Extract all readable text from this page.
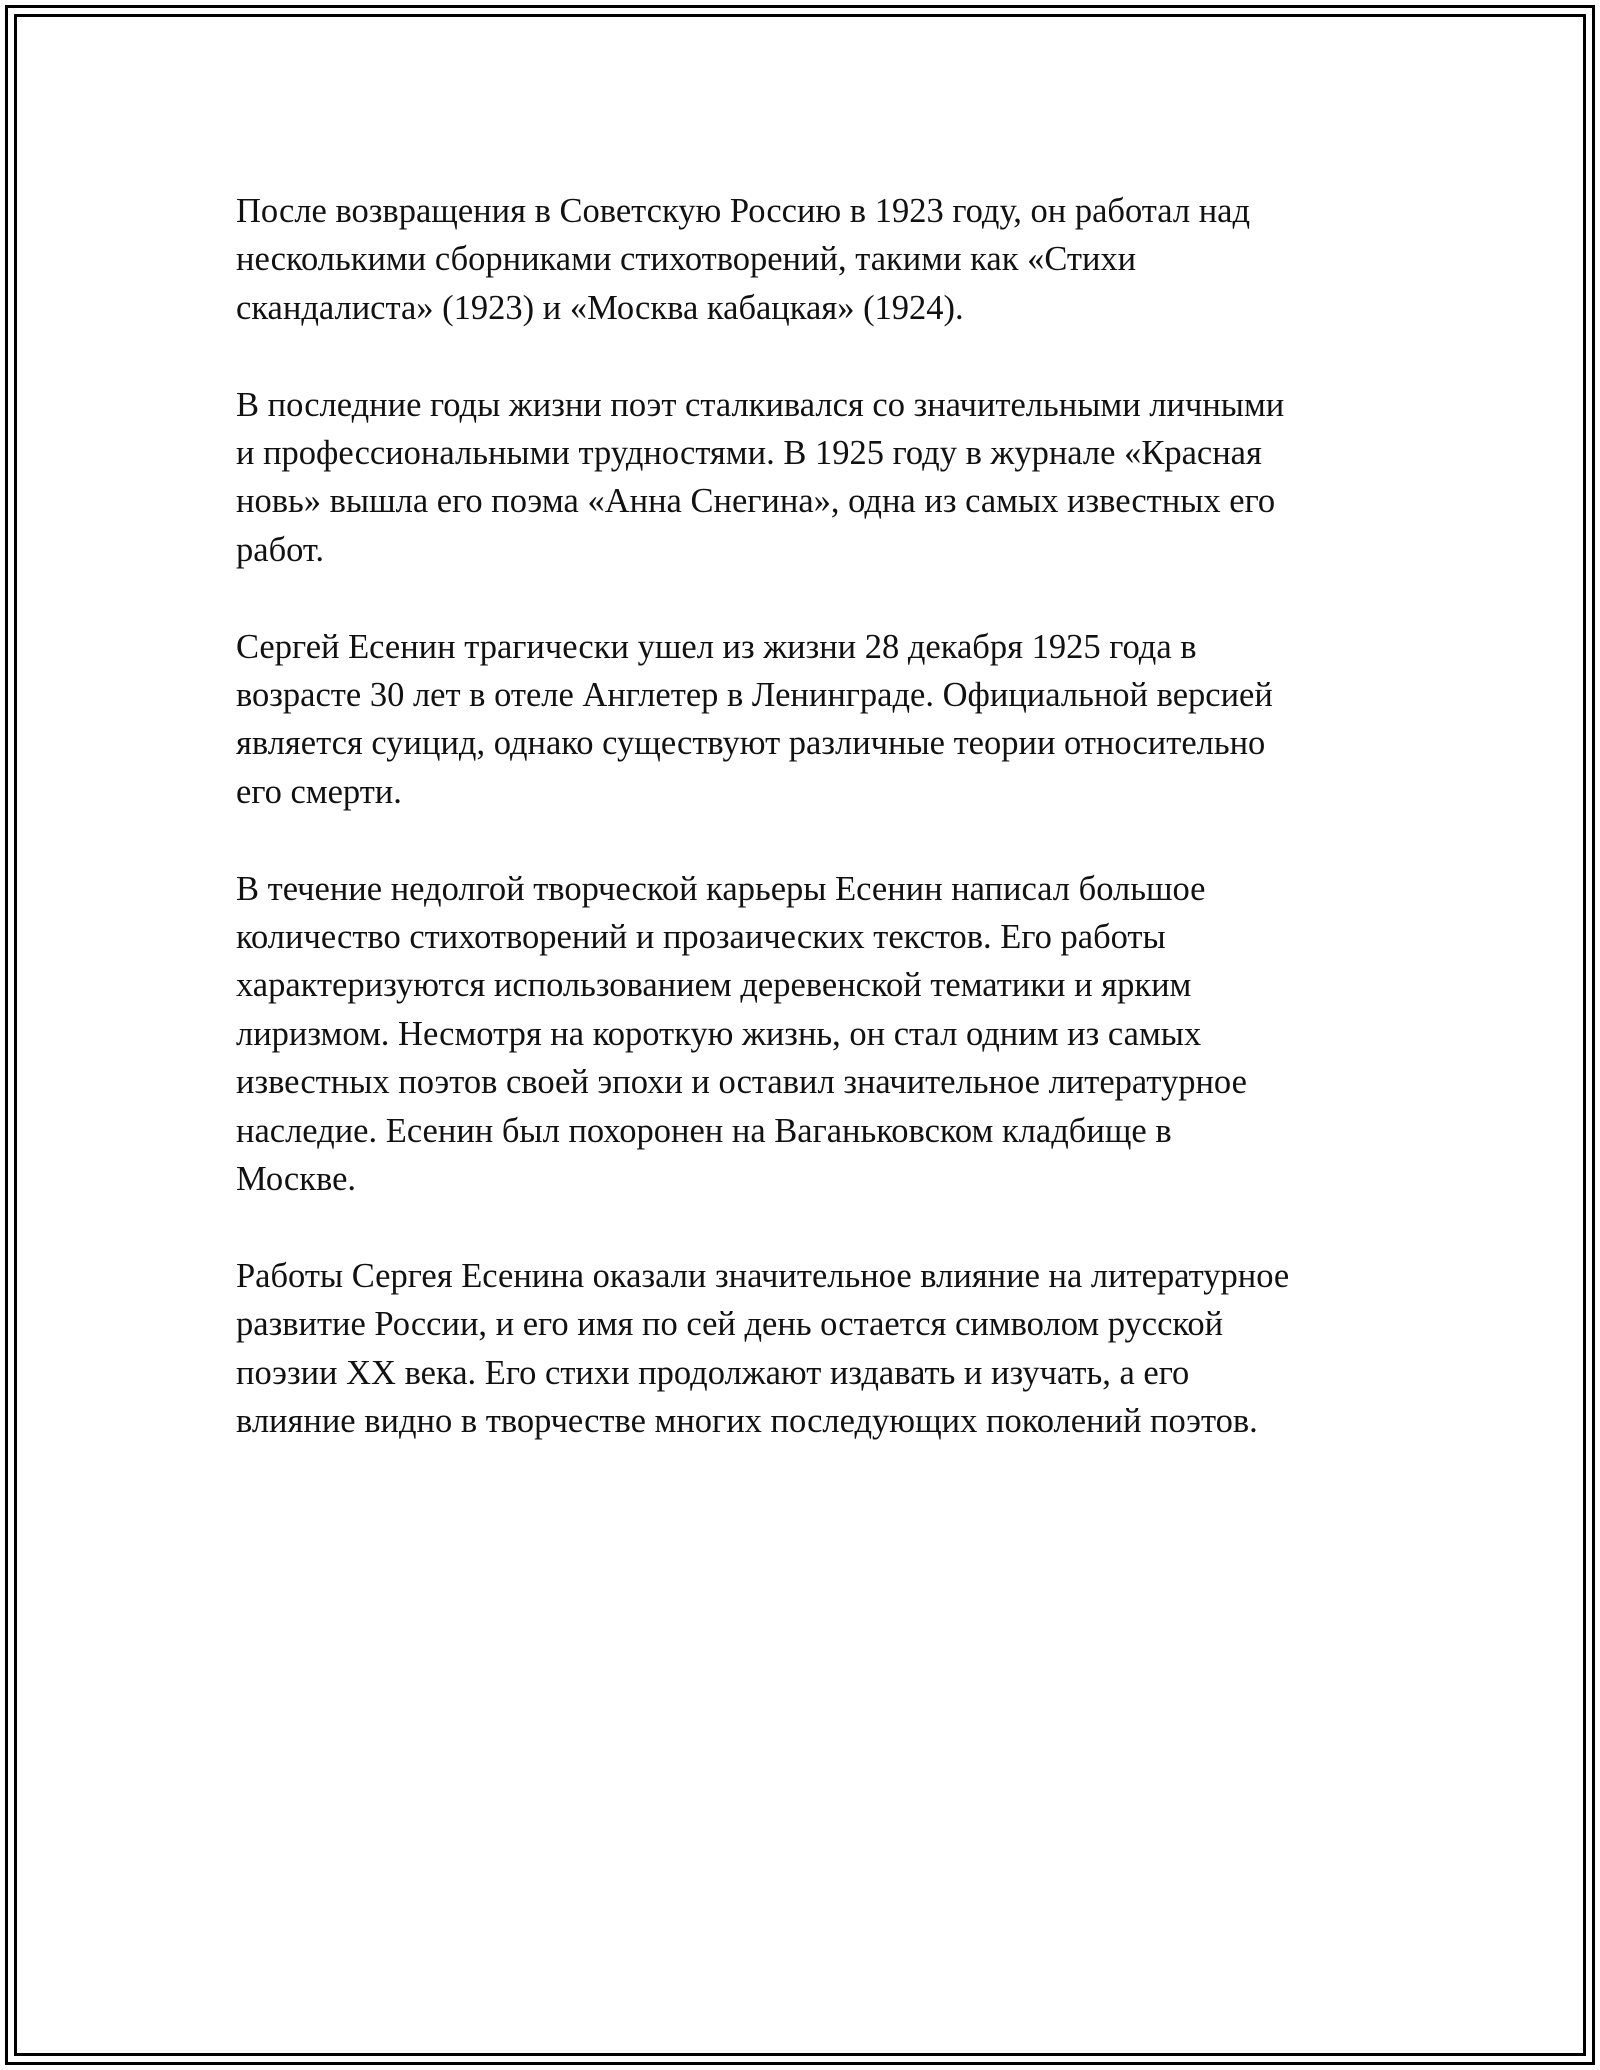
После возвращения в Советскую Россию в 1923 году, он работал над
несколькими сборниками стихотворений, такими как «Стихи
скандалиста» (1923) и «Москва кабацкая» (1924).

В последние годы жизни поэт сталкивался со значительными личными
и профессиональными трудностями. В 1925 году в журнале «Красная
новь» вышла его поэма «Анна Снегина», одна из самых известных его
работ.

Сергей Есенин трагически ушел из жизни 28 декабря 1925 года в
возрасте 30 лет в отеле Англетер в Ленинграде. Официальной версией
является суицид, однако существуют различные теории относительно
его смерти.

В течение недолгой творческой карьеры Есенин написал большое
количество стихотворений и прозаических текстов. Его работы
характеризуются использованием деревенской тематики и ярким
лиризмом. Несмотря на короткую жизнь, он стал одним из самых
известных поэтов своей эпохи и оставил значительное литературное
наследие. Есенин был похоронен на Ваганьковском кладбище в
Москве.

Работы Сергея Есенина оказали значительное влияние на литературное
развитие России, и его имя по сей день остается символом русской
поэзии XX века. Его стихи продолжают издавать и изучать, а его
влияние видно в творчестве многих последующих поколений поэтов.
